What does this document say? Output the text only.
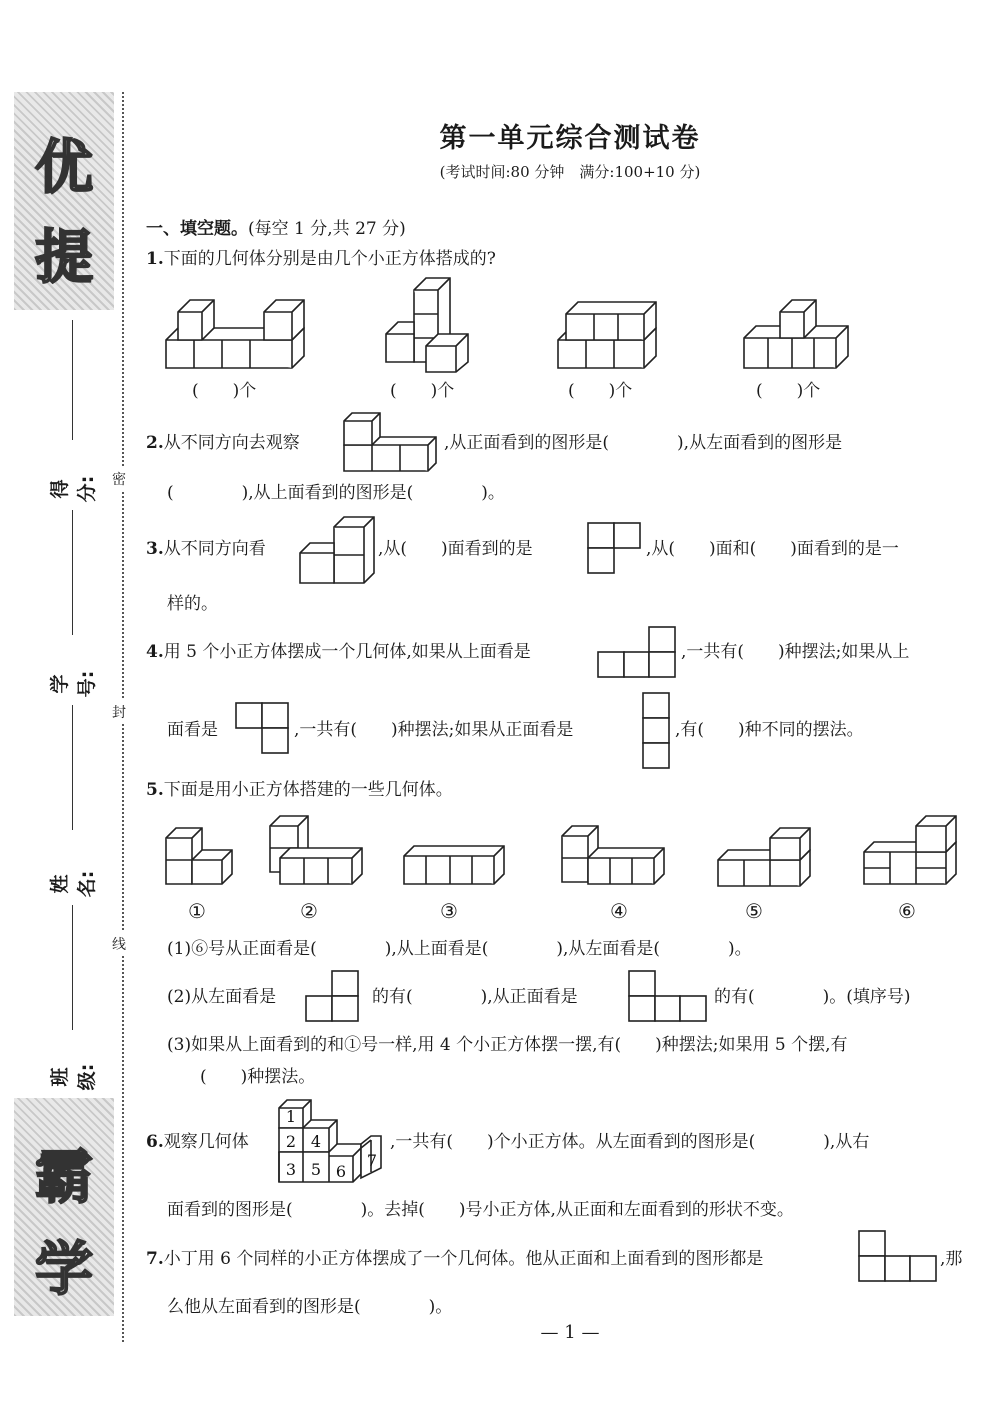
优
提
霸
学
得分:
学号:
姓名:
班级:
密
封
线
第一单元综合测试卷
(考试时间:80 分钟　满分:100+10 分)
一、填空题。(每空 1 分,共 27 分)
1.下面的几何体分别是由几个小正方体搭成的?
(　　)个	(　　)个	(　　)个	(　　)个
2.从不同方向去观察	,从正面看到的图形是(　　　　),从左面看到的图形是
(　　　　),从上面看到的图形是(　　　　)。
3.从不同方向看	,从(　　)面看到的是	,从(　　)面和(　　)面看到的是一
样的。
4.用 5 个小正方体摆成一个几何体,如果从上面看是	,一共有(　　)种摆法;如果从上
面看是	,一共有(　　)种摆法;如果从正面看是	,有(　　)种不同的摆法。
5.下面是用小正方体搭建的一些几何体。
①	②	③	④	⑤	⑥
(1)⑥号从正面看是(　　　　),从上面看是(　　　　),从左面看是(　　　　)。
(2)从左面看是	的有(　　　　),从正面看是	的有(　　　　)。(填序号)
(3)如果从上面看到的和①号一样,用 4 个小正方体摆一摆,有(　　)种摆法;如果用 5 个摆,有
(　　)种摆法。
6.观察几何体
1
2 4
3 5 6
7
,一共有(　　)个小正方体。从左面看到的图形是(　　　　),从右
面看到的图形是(　　　　)。去掉(　　)号小正方体,从正面和左面看到的形状不变。
7.小丁用 6 个同样的小正方体摆成了一个几何体。他从正面和上面看到的图形都是	,那
么他从左面看到的图形是(　　　　)。
— 1 —
